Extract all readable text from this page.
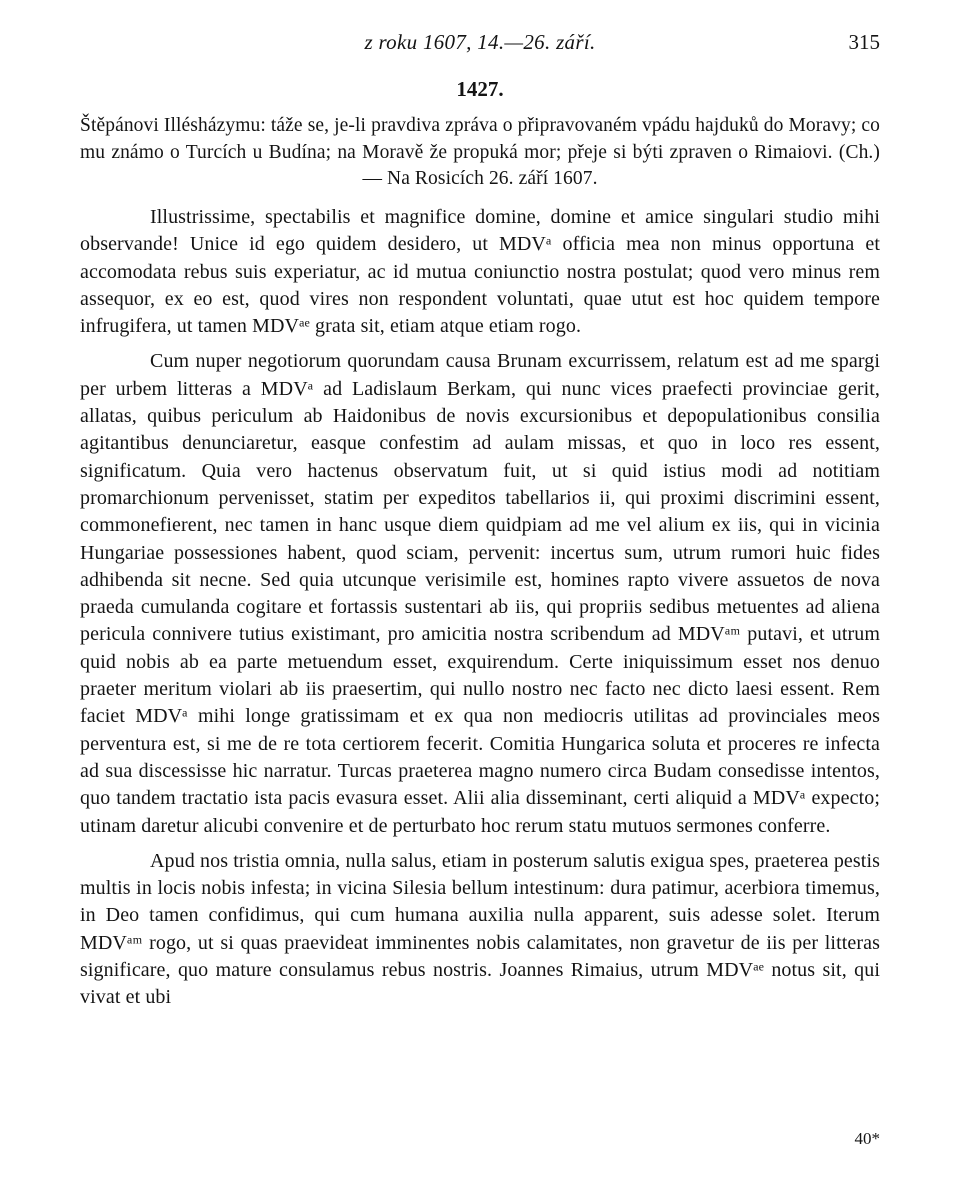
z roku 1607, 14.—26. září.	315
1427.

Štěpánovi Illésházymu: táže se, je-li pravdiva zpráva o připravovaném vpádu hajduků do Moravy; co mu známo o Turcích u Budína; na Moravě že propuká mor; přeje si býti zpraven o Rimaiovi. (Ch.) — Na Rosicích 26. září 1607.

Illustrissime, spectabilis et magnifice domine, domine et amice singulari studio mihi observande! Unice id ego quidem desidero, ut MDVᵃ officia mea non minus opportuna et accomodata rebus suis experiatur, ac id mutua coniunctio nostra postulat; quod vero minus rem assequor, ex eo est, quod vires non respondent voluntati, quae utut est hoc quidem tempore infrugifera, ut tamen MDVᵃᵉ grata sit, etiam atque etiam rogo.

Cum nuper negotiorum quorundam causa Brunam excurrissem, relatum est ad me spargi per urbem litteras a MDVᵃ ad Ladislaum Berkam, qui nunc vices praefecti provinciae gerit, allatas, quibus periculum ab Haidonibus de novis excursionibus et depopulationibus consilia agitantibus denunciaretur, easque confestim ad aulam missas, et quo in loco res essent, significatum. Quia vero hactenus observatum fuit, ut si quid istius modi ad notitiam promarchionum pervenisset, statim per expeditos tabellarios ii, qui proximi discrimini essent, commonefierent, nec tamen in hanc usque diem quidpiam ad me vel alium ex iis, qui in vicinia Hungariae possessiones habent, quod sciam, pervenit: incertus sum, utrum rumori huic fides adhibenda sit necne. Sed quia utcunque verisimile est, homines rapto vivere assuetos de nova praeda cumulanda cogitare et fortassis sustentari ab iis, qui propriis sedibus metuentes ad aliena pericula connivere tutius existimant, pro amicitia nostra scribendum ad MDVᵃᵐ putavi, et utrum quid nobis ab ea parte metuendum esset, exquirendum. Certe iniquissimum esset nos denuo praeter meritum violari ab iis praesertim, qui nullo nostro nec facto nec dicto laesi essent. Rem faciet MDVᵃ mihi longe gratissimam et ex qua non mediocris utilitas ad provinciales meos perventura est, si me de re tota certiorem fecerit. Comitia Hungarica soluta et proceres re infecta ad sua discessisse hic narratur. Turcas praeterea magno numero circa Budam consedisse intentos, quo tandem tractatio ista pacis evasura esset. Alii alia disseminant, certi aliquid a MDVᵃ expecto; utinam daretur alicubi convenire et de perturbato hoc rerum statu mutuos sermones conferre.

Apud nos tristia omnia, nulla salus, etiam in posterum salutis exigua spes, praeterea pestis multis in locis nobis infesta; in vicina Silesia bellum intestinum: dura patimur, acerbiora timemus, in Deo tamen confidimus, qui cum humana auxilia nulla apparent, suis adesse solet. Iterum MDVᵃᵐ rogo, ut si quas praevideat imminentes nobis calamitates, non gravetur de iis per litteras significare, quo mature consulamus rebus nostris. Joannes Rimaius, utrum MDVᵃᵉ notus sit, qui vivat et ubi

40*
